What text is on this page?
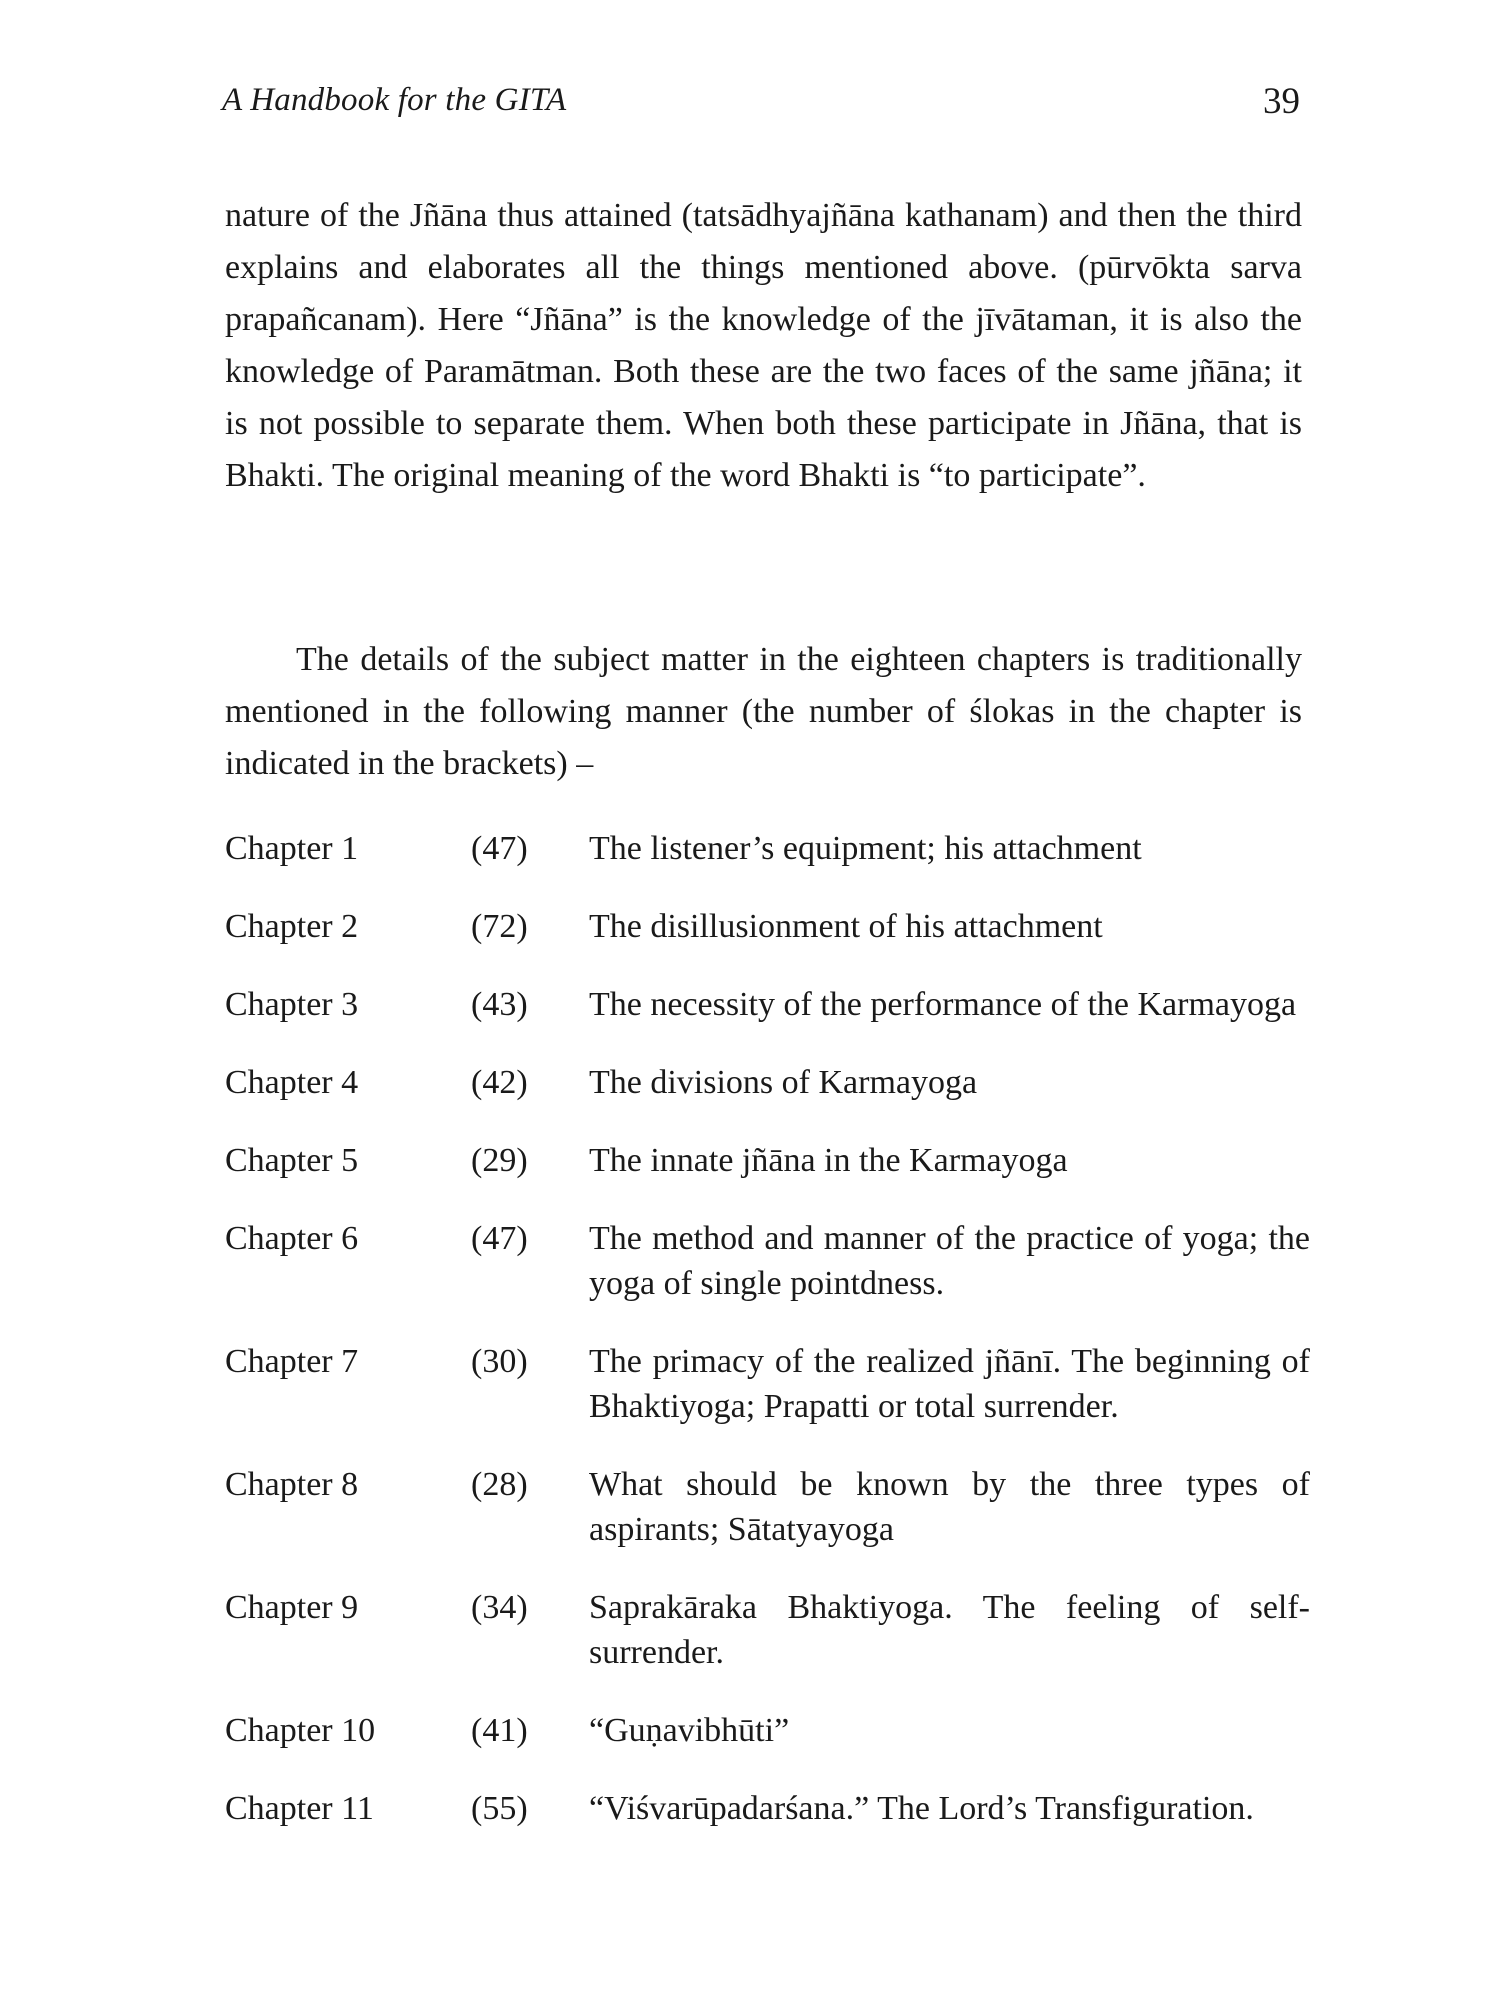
A Handbook for the GITA	39

nature of the Jñāna thus attained (tatsādhyajñāna kathanam) and then the third explains and elaborates all the things mentioned above. (pūrvōkta sarva prapañcanam). Here “Jñāna” is the knowledge of the jīvātaman, it is also the knowledge of Paramātman. Both these are the two faces of the same jñāna; it is not possible to separate them. When both these participate in Jñāna, that is Bhakti. The original meaning of the word Bhakti is “to participate”.

The details of the subject matter in the eighteen chapters is traditionally mentioned in the following manner (the number of ślokas in the chapter is indicated in the brackets) –

Chapter 1	(47)	The listener’s equipment; his attachment
Chapter 2	(72)	The disillusionment of his attachment
Chapter 3	(43)	The necessity of the performance of the Karmayoga
Chapter 4	(42)	The divisions of Karmayoga
Chapter 5	(29)	The innate jñāna in the Karmayoga
Chapter 6	(47)	The method and manner of the practice of yoga; the yoga of single pointdness.
Chapter 7	(30)	The primacy of the realized jñānī. The beginning of Bhaktiyoga; Prapatti or total surrender.
Chapter 8	(28)	What should be known by the three types of aspirants; Sātatyayoga
Chapter 9	(34)	Saprakāraka Bhaktiyoga. The feeling of self-surrender.
Chapter 10	(41)	“Guṇavibhūti”
Chapter 11	(55)	“Viśvarūpadarśana.” The Lord’s Transfiguration.
